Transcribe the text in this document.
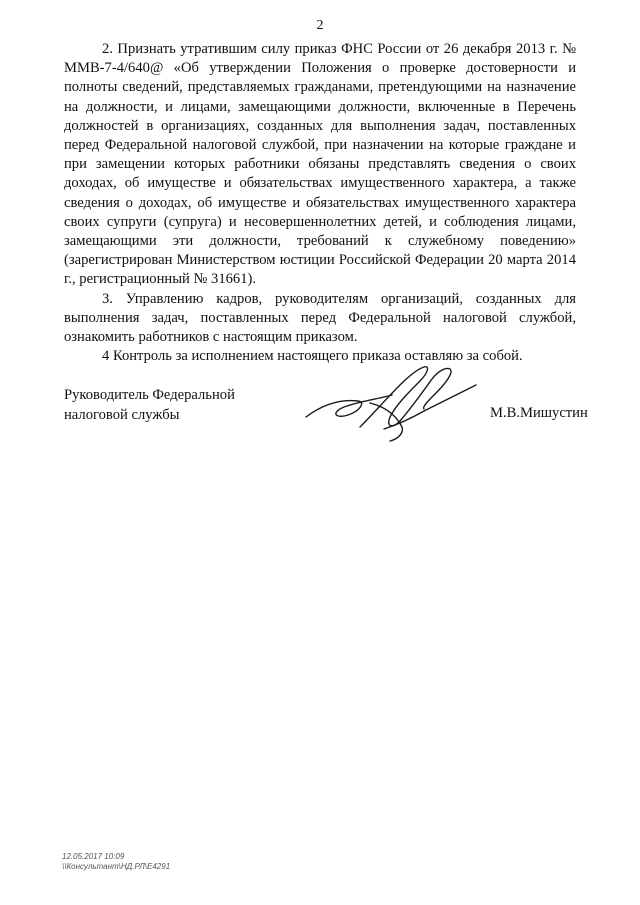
2

2. Признать утратившим силу приказ ФНС России от 26 декабря 2013 г. № ММВ-7-4/640@ «Об утверждении Положения о проверке достоверности и полноты сведений, представляемых гражданами, претендующими на назначение на должности, и лицами, замещающими должности, включенные в Перечень должностей в организациях, созданных для выполнения задач, поставленных перед Федеральной налоговой службой, при назначении на которые граждане и при замещении которых работники обязаны представлять сведения о своих доходах, об имуществе и обязательствах имущественного характера, а также сведения о доходах, об имуществе и обязательствах имущественного характера своих супруги (супруга) и несовершеннолетних детей, и соблюдения лицами, замещающими эти должности, требований к служебному поведению» (зарегистрирован Министерством юстиции Российской Федерации 20 марта 2014 г., регистрационный № 31661).

3. Управлению кадров, руководителям организаций, созданных для выполнения задач, поставленных перед Федеральной налоговой службой, ознакомить работников с настоящим приказом.

4 Контроль за исполнением настоящего приказа оставляю за собой.

Руководитель Федеральной
налоговой службы	М.В.Мишустин
12.05.2017 10:09
\\Консультант\НД.РЛ\Е4291
